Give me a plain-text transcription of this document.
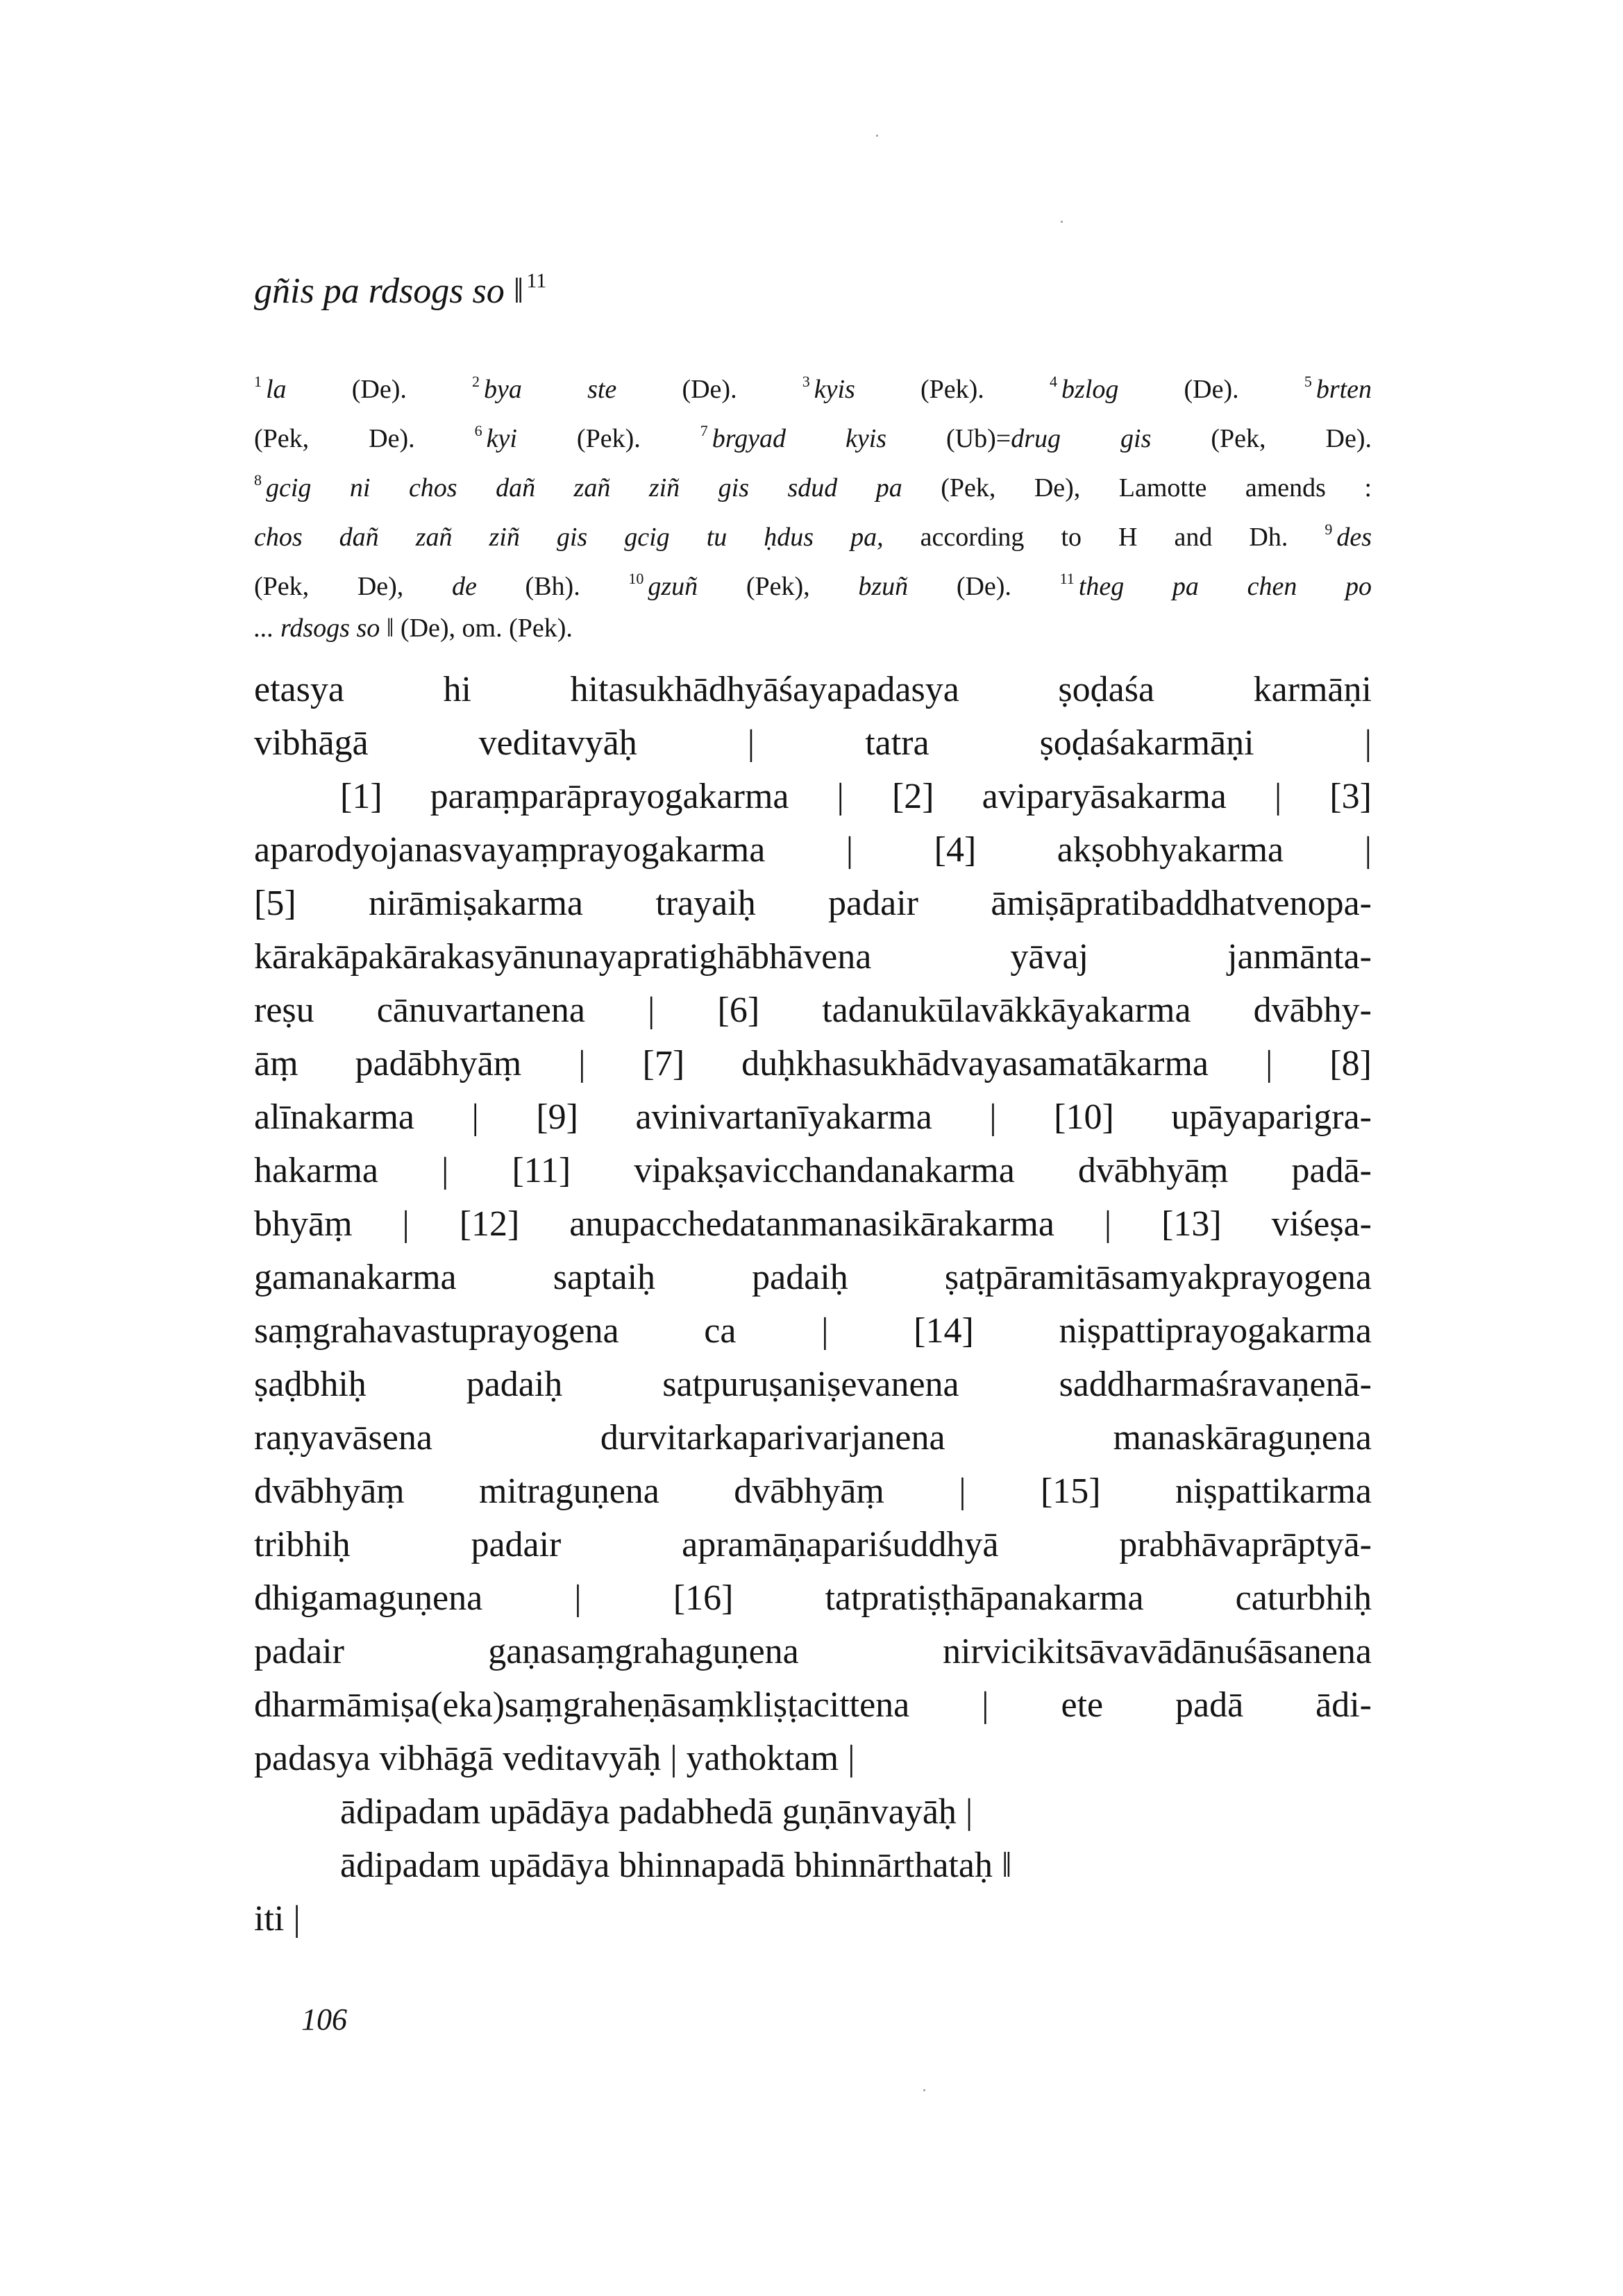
gñis pa rdsogs so ‖ $^{11}$
$^1$ la (De). $^2$ bya ste (De). $^3$ kyis (Pek). $^4$ bzlog (De). $^5$ brten
(Pek, De). $^6$ kyi (Pek). $^7$ brgyad kyis (Ub)=drug gis (Pek, De).
$^8$ gcig ni chos dañ zañ ziñ gis sdud pa (Pek, De), Lamotte amends :
chos dañ zañ ziñ gis gcig tu ḥdus pa, according to H and Dh. $^9$ des
(Pek, De), de (Bh). $^{10}$ gzuñ (Pek), bzuñ (De). $^{11}$ theg pa chen po
... rdsogs so ‖ (De), om. (Pek).
etasya hi hitasukhādhyāśayapadasya ṣoḍaśa karmāṇi
vibhāgā veditavyāḥ | tatra ṣoḍaśakarmāṇi |
[1] paraṃparāprayogakarma | [2] aviparyāsakarma | [3]
aparodyojanasvayaṃprayogakarma | [4] akṣobhyakarma |
[5] nirāmiṣakarma trayaiḥ padair āmiṣāpratibaddhatvenopa-
kārakāpakārakasyānunayapratighābhāvena yāvaj janmānta-
reṣu cānuvartanena | [6] tadanukūlavākkāyakarma dvābhy-
āṃ padābhyāṃ | [7] duḥkhasukhādvayasamatākarma | [8]
alīnakarma | [9] avinivartanīyakarma | [10] upāyaparigra-
hakarma | [11] vipakṣavicchandanakarma dvābhyāṃ padā-
bhyāṃ | [12] anupacchedatanmanasikārakarma | [13] viśeṣa-
gamanakarma saptaiḥ padaiḥ ṣaṭpāramitāsamyakprayogena
saṃgrahavastuprayogena ca | [14] niṣpattiprayogakarma
ṣaḍbhiḥ padaiḥ satpuruṣaniṣevanena saddharmaśravaṇenā-
raṇyavāsena durvitarkaparivarjanena manaskāraguṇena
dvābhyāṃ mitraguṇena dvābhyāṃ | [15] niṣpattikarma
tribhiḥ padair apramāṇapariśuddhyā prabhāvaprāptyā-
dhigamaguṇena | [16] tatpratiṣṭhāpanakarma caturbhiḥ
padair gaṇasaṃgrahaguṇena nirvicikitsāvavādānuśāsanena
dharmāmiṣa(eka)saṃgraheṇāsaṃkliṣṭacittena | ete padā ādi-
padasya vibhāgā veditavyāḥ | yathoktam |
ādipadam upādāya padabhedā guṇānvayāḥ |
ādipadam upādāya bhinnapadā bhinnārthataḥ ‖
iti |
106
